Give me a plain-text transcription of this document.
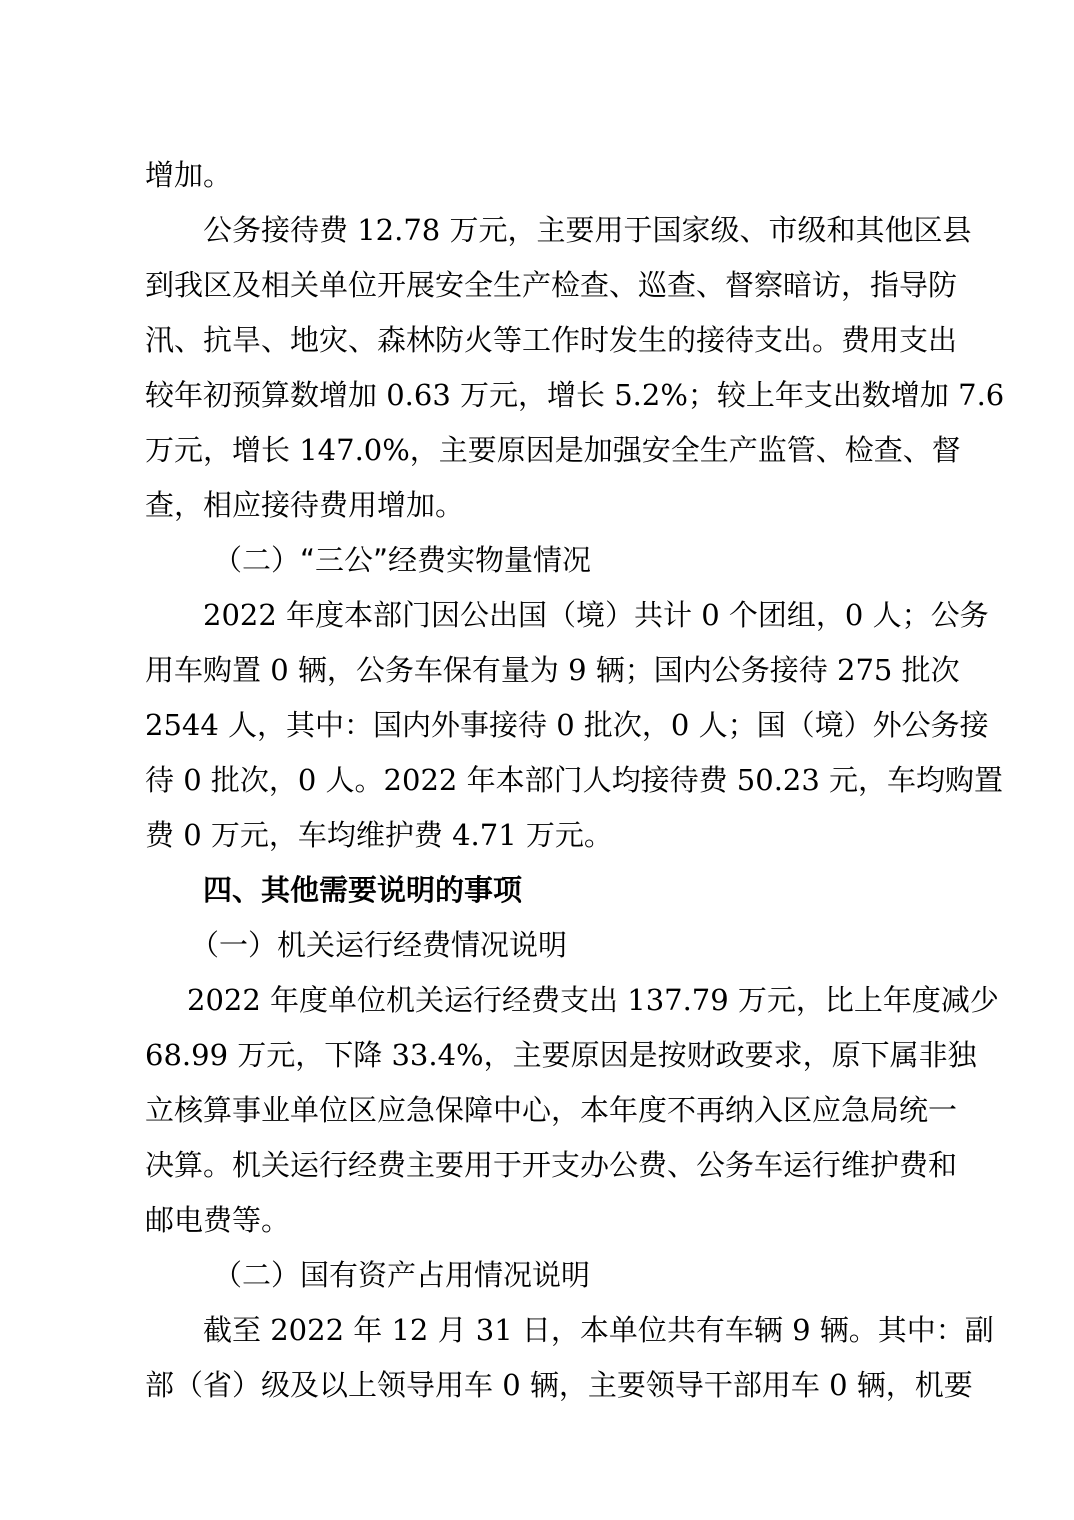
增加。
公务接待费 12.78 万元，主要用于国家级、市级和其他区县
到我区及相关单位开展安全生产检查、巡查、督察暗访，指导防
汛、抗旱、地灾、森林防火等工作时发生的接待支出。费用支出
较年初预算数增加 0.63 万元，增长 5.2%；较上年支出数增加 7.6
万元，增长 147.0%，主要原因是加强安全生产监管、检查、督
查，相应接待费用增加。
（二）“三公”经费实物量情况
2022 年度本部门因公出国（境）共计 0 个团组，0 人；公务
用车购置 0 辆，公务车保有量为 9 辆；国内公务接待 275 批次
2544 人，其中：国内外事接待 0 批次，0 人；国（境）外公务接
待 0 批次，0 人。2022 年本部门人均接待费 50.23 元，车均购置
费 0 万元，车均维护费 4.71 万元。
四、其他需要说明的事项
（一）机关运行经费情况说明
2022 年度单位机关运行经费支出 137.79 万元，比上年度减少
68.99 万元，下降 33.4%，主要原因是按财政要求，原下属非独
立核算事业单位区应急保障中心，本年度不再纳入区应急局统一
决算。机关运行经费主要用于开支办公费、公务车运行维护费和
邮电费等。
（二）国有资产占用情况说明
截至 2022 年 12 月 31 日，本单位共有车辆 9 辆。其中：副
部（省）级及以上领导用车 0 辆，主要领导干部用车 0 辆，机要
